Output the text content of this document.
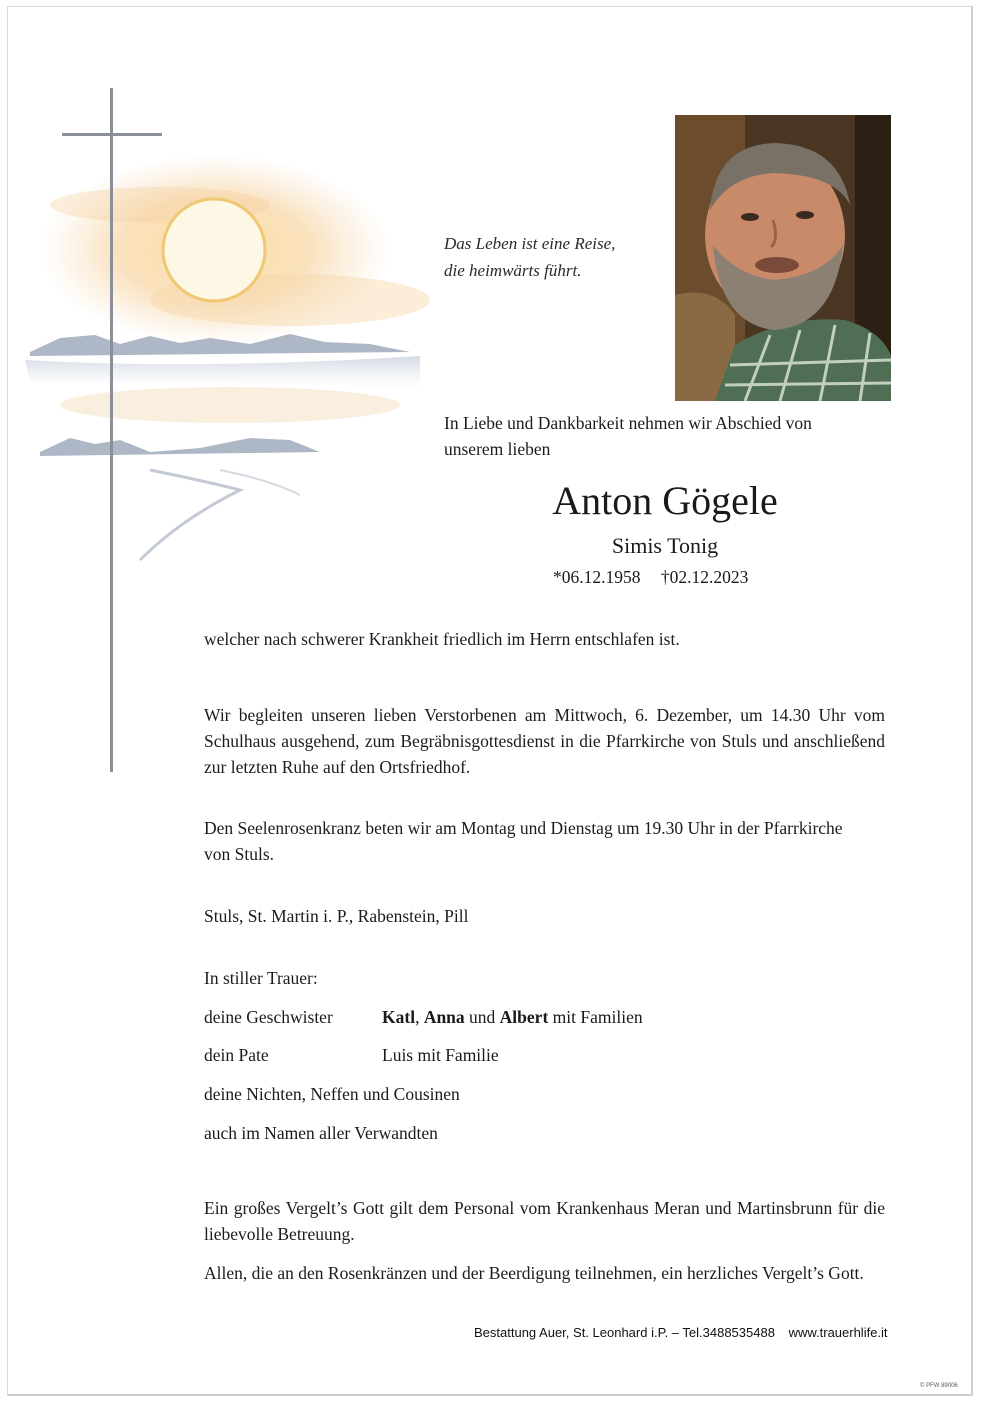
Das Leben ist eine Reise,
die heimwärts führt.
In Liebe und Dankbarkeit nehmen wir Abschied von
unserem lieben
Anton Gögele
Simis Tonig
*06.12.1958 †02.12.2023
welcher nach schwerer Krankheit friedlich im Herrn entschlafen ist.
Wir begleiten unseren lieben Verstorbenen am Mittwoch, 6. Dezember, um 14.30 Uhr vom Schulhaus ausgehend, zum Begräbnisgottesdienst in die Pfarrkirche von Stuls und anschließend zur letzten Ruhe auf den Ortsfriedhof.
Den Seelenrosenkranz beten wir am Montag und Dienstag um 19.30 Uhr in der Pfarrkirche von Stuls.
Stuls, St. Martin i. P., Rabenstein, Pill
In stiller Trauer:
deine Geschwister	Katl, Anna und Albert mit Familien
dein Pate	Luis mit Familie
deine Nichten, Neffen und Cousinen
auch im Namen aller Verwandten
Ein großes Vergelt’s Gott gilt dem Personal vom Krankenhaus Meran und Martinsbrunn für die liebevolle Betreuung.
Allen, die an den Rosenkränzen und der Beerdigung teilnehmen, ein herzliches Vergelt’s Gott.
Bestattung Auer, St. Leonhard i.P. – Tel.3488535488 www.trauerhlife.it
© PFW 89006
